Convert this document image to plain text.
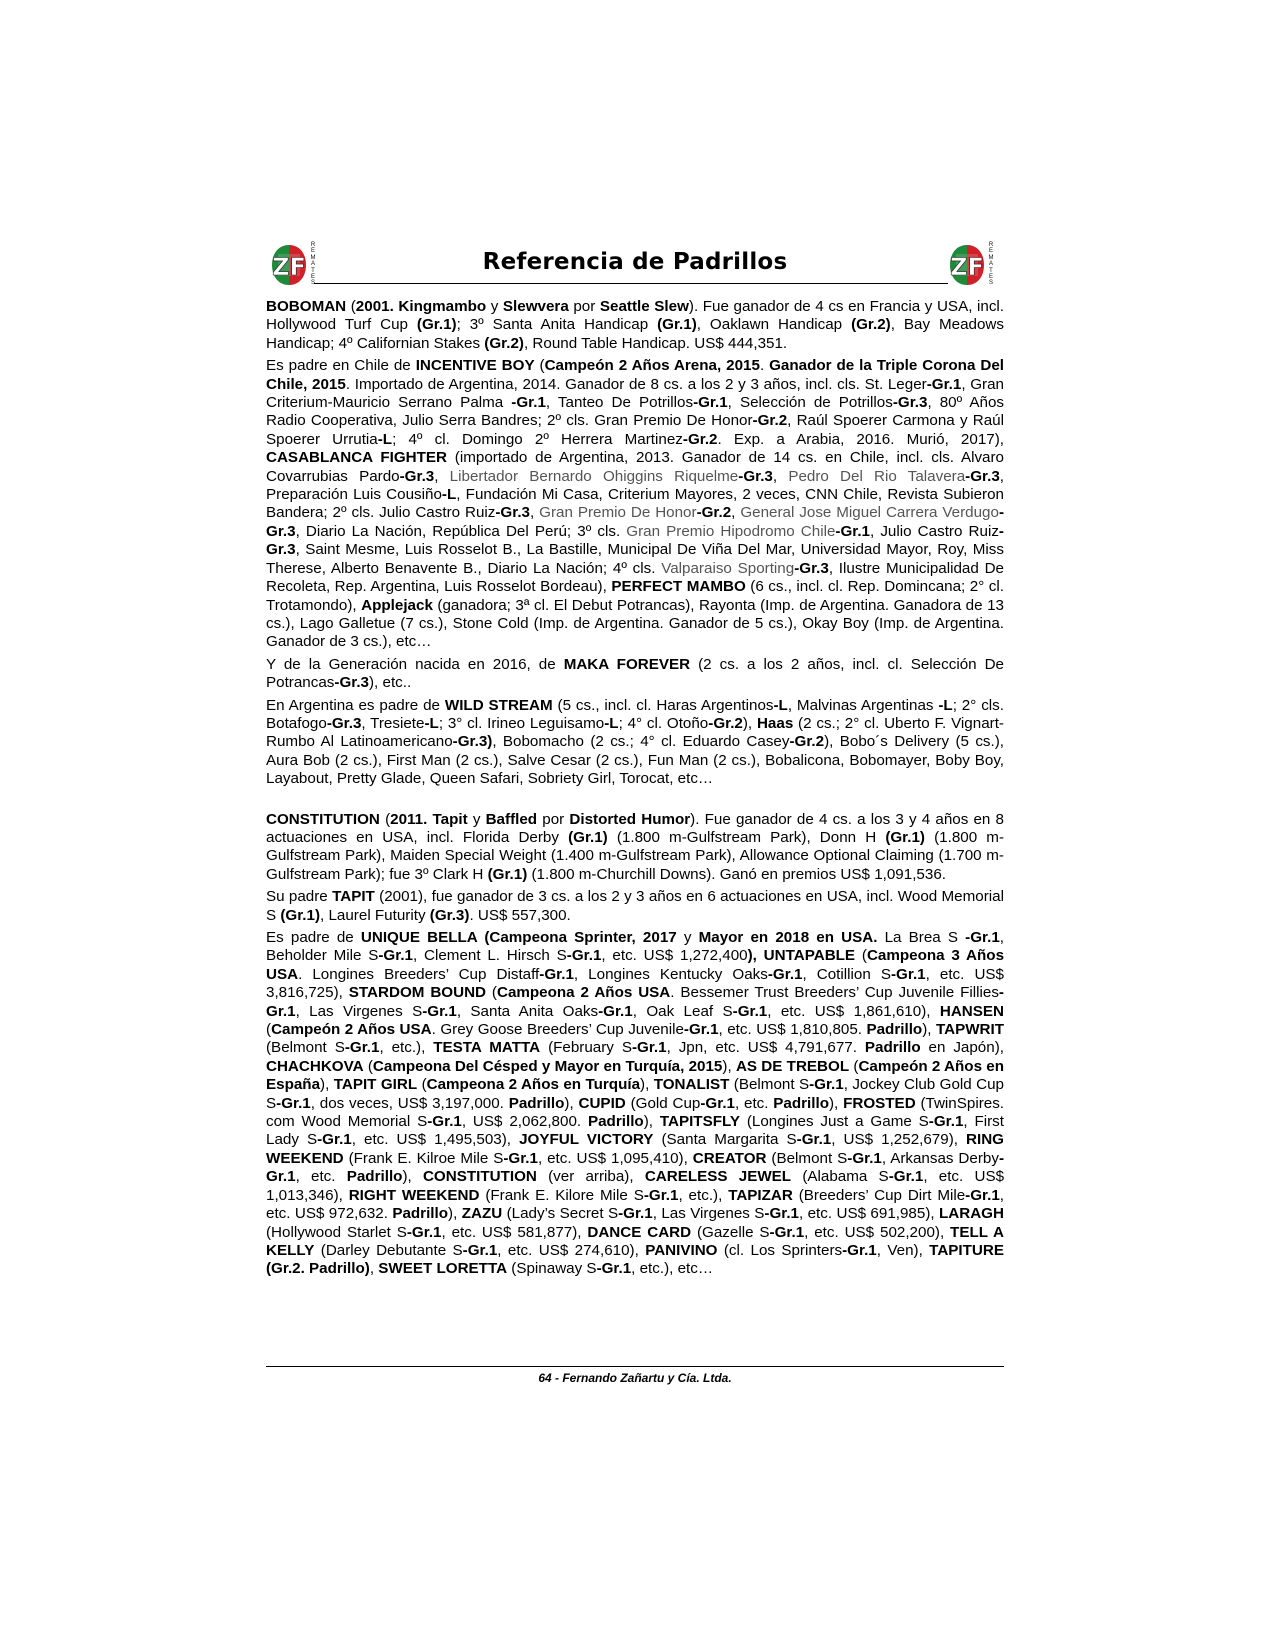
ZF
R
E
M
A
T
E
S
Referencia de Padrillos	ZF
R
E
M
A
T
E
S

BOBOMAN (2001. Kingmambo y Slewvera por Seattle Slew). Fue ganador de 4 cs en Francia y USA, incl. Hollywood Turf Cup (Gr.1); 3º Santa Anita Handicap (Gr.1), Oaklawn Handicap (Gr.2), Bay Meadows Handicap; 4º Californian Stakes (Gr.2), Round Table Handicap. US$ 444,351.

Es padre en Chile de INCENTIVE BOY (Campeón 2 Años Arena, 2015. Ganador de la Triple Corona Del Chile, 2015. Importado de Argentina, 2014. Ganador de 8 cs. a los 2 y 3 años, incl. cls. St. Leger-Gr.1, Gran Criterium-Mauricio Serrano Palma -Gr.1, Tanteo De Potrillos-Gr.1, Selección de Potrillos-Gr.3, 80º Años Radio Cooperativa, Julio Serra Bandres; 2º cls. Gran Premio De Honor-Gr.2, Raúl Spoerer Carmona y Raúl Spoerer Urrutia-L; 4º cl. Domingo 2º Herrera Martinez-Gr.2. Exp. a Arabia, 2016. Murió, 2017), CASABLANCA FIGHTER (importado de Argentina, 2013. Ganador de 14 cs. en Chile, incl. cls. Alvaro Covarrubias Pardo-Gr.3, Libertador Bernardo Ohiggins Riquelme-Gr.3, Pedro Del Rio Talavera-Gr.3, Preparación Luis Cousiño-L, Fundación Mi Casa, Criterium Mayores, 2 veces, CNN Chile, Revista Subieron Bandera; 2º cls. Julio Castro Ruiz-Gr.3, Gran Premio De Honor-Gr.2, General Jose Miguel Carrera Verdugo-Gr.3, Diario La Nación, República Del Perú; 3º cls. Gran Premio Hipodromo Chile-Gr.1, Julio Castro Ruiz-Gr.3, Saint Mesme, Luis Rosselot B., La Bastille, Municipal De Viña Del Mar, Universidad Mayor, Roy, Miss Therese, Alberto Benavente B., Diario La Nación; 4º cls. Valparaiso Sporting-Gr.3, Ilustre Municipalidad De Recoleta, Rep. Argentina, Luis Rosselot Bordeau), PERFECT MAMBO (6 cs., incl. cl. Rep. Domincana; 2° cl. Trotamondo), Applejack (ganadora; 3ª cl. El Debut Potrancas), Rayonta (Imp. de Argentina. Ganadora de 13 cs.), Lago Galletue (7 cs.), Stone Cold (Imp. de Argentina. Ganador de 5 cs.), Okay Boy (Imp. de Argentina. Ganador de 3 cs.), etc…

Y de la Generación nacida en 2016, de MAKA FOREVER (2 cs. a los 2 años, incl. cl. Selección De Potrancas-Gr.3), etc..

En Argentina es padre de WILD STREAM (5 cs., incl. cl. Haras Argentinos-L, Malvinas Argentinas -L; 2° cls. Botafogo-Gr.3, Tresiete-L; 3° cl. Irineo Leguisamo-L; 4° cl. Otoño-Gr.2), Haas (2 cs.; 2° cl. Uberto F. Vignart-Rumbo Al Latinoamericano-Gr.3), Bobomacho (2 cs.; 4° cl. Eduardo Casey-Gr.2), Bobo´s Delivery (5 cs.), Aura Bob (2 cs.), First Man (2 cs.), Salve Cesar (2 cs.), Fun Man (2 cs.), Bobalicona, Bobomayer, Boby Boy, Layabout, Pretty Glade, Queen Safari, Sobriety Girl, Torocat, etc…

CONSTITUTION (2011. Tapit y Baffled por Distorted Humor). Fue ganador de 4 cs. a los 3 y 4 años en 8 actuaciones en USA, incl. Florida Derby (Gr.1) (1.800 m-Gulfstream Park), Donn H (Gr.1) (1.800 m-Gulfstream Park), Maiden Special Weight (1.400 m-Gulfstream Park), Allowance Optional Claiming (1.700 m-Gulfstream Park); fue 3º Clark H (Gr.1) (1.800 m-Churchill Downs). Ganó en premios US$ 1,091,536.

Su padre TAPIT (2001), fue ganador de 3 cs. a los 2 y 3 años en 6 actuaciones en USA, incl. Wood Memorial S (Gr.1), Laurel Futurity (Gr.3). US$ 557,300.

Es padre de UNIQUE BELLA (Campeona Sprinter, 2017 y Mayor en 2018 en USA. La Brea S -Gr.1, Beholder Mile S-Gr.1, Clement L. Hirsch S-Gr.1, etc. US$ 1,272,400), UNTAPABLE (Campeona 3 Años USA. Longines Breeders’ Cup Distaff-Gr.1, Longines Kentucky Oaks-Gr.1, Cotillion S-Gr.1, etc. US$ 3,816,725), STARDOM BOUND (Campeona 2 Años USA. Bessemer Trust Breeders’ Cup Juvenile Fillies-Gr.1, Las Virgenes S-Gr.1, Santa Anita Oaks-Gr.1, Oak Leaf S-Gr.1, etc. US$ 1,861,610), HANSEN (Campeón 2 Años USA. Grey Goose Breeders’ Cup Juvenile-Gr.1, etc. US$ 1,810,805. Padrillo), TAPWRIT (Belmont S-Gr.1, etc.), TESTA MATTA (February S-Gr.1, Jpn, etc. US$ 4,791,677. Padrillo en Japón), CHACHKOVA (Campeona Del Césped y Mayor en Turquía, 2015), AS DE TREBOL (Campeón 2 Años en España), TAPIT GIRL (Campeona 2 Años en Turquía), TONALIST (Belmont S-Gr.1, Jockey Club Gold Cup S-Gr.1, dos veces, US$ 3,197,000. Padrillo), CUPID (Gold Cup-Gr.1, etc. Padrillo), FROSTED (TwinSpires. com Wood Memorial S-Gr.1, US$ 2,062,800. Padrillo), TAPITSFLY (Longines Just a Game S-Gr.1, First Lady S-Gr.1, etc. US$ 1,495,503), JOYFUL VICTORY (Santa Margarita S-Gr.1, US$ 1,252,679), RING WEEKEND (Frank E. Kilroe Mile S-Gr.1, etc. US$ 1,095,410), CREATOR (Belmont S-Gr.1, Arkansas Derby-Gr.1, etc. Padrillo), CONSTITUTION (ver arriba), CARELESS JEWEL (Alabama S-Gr.1, etc. US$ 1,013,346), RIGHT WEEKEND (Frank E. Kilore Mile S-Gr.1, etc.), TAPIZAR (Breeders’ Cup Dirt Mile-Gr.1, etc. US$ 972,632. Padrillo), ZAZU (Lady’s Secret S-Gr.1, Las Virgenes S-Gr.1, etc. US$ 691,985), LARAGH (Hollywood Starlet S-Gr.1, etc. US$ 581,877), DANCE CARD (Gazelle S-Gr.1, etc. US$ 502,200), TELL A KELLY (Darley Debutante S-Gr.1, etc. US$ 274,610), PANIVINO (cl. Los Sprinters-Gr.1, Ven), TAPITURE (Gr.2. Padrillo), SWEET LORETTA (Spinaway S-Gr.1, etc.), etc…

64 - Fernando Zañartu y Cía. Ltda.
